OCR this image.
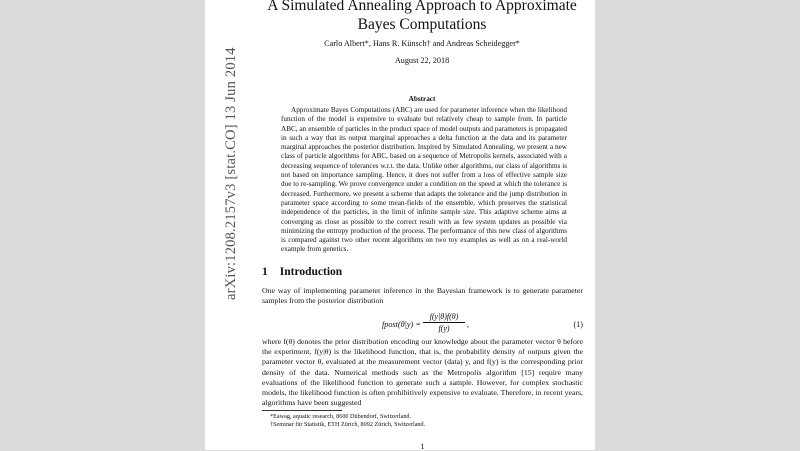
arXiv:1208.2157v3 [stat.CO] 13 Jun 2014
A Simulated Annealing Approach to Approximate Bayes Computations

Carlo Albert*, Hans R. Künsch† and Andreas Scheidegger*

August 22, 2018

Abstract

Approximate Bayes Computations (ABC) are used for parameter inference when the likelihood function of the model is expensive to evaluate but relatively cheap to sample from. In particle ABC, an ensemble of particles in the product space of model outputs and parameters is propagated in such a way that its output marginal approaches a delta function at the data and its parameter marginal approaches the posterior distribution. Inspired by Simulated Annealing, we present a new class of particle algorithms for ABC, based on a sequence of Metropolis kernels, associated with a decreasing sequence of tolerances w.r.t. the data. Unlike other algorithms, our class of algorithms is not based on importance sampling. Hence, it does not suffer from a loss of effective sample size due to re-sampling. We prove convergence under a condition on the speed at which the tolerance is decreased. Furthermore, we present a scheme that adapts the tolerance and the jump distribution in parameter space according to some mean-fields of the ensemble, which preserves the statistical independence of the particles, in the limit of infinite sample size. This adaptive scheme aims at converging as close as possible to the correct result with as few system updates as possible via minimizing the entropy production of the process. The performance of this new class of algorithms is compared against two other recent algorithms on two toy examples as well as on a real-world example from genetics.

1 Introduction

One way of implementing parameter inference in the Bayesian framework is to generate parameter samples from the posterior distribution

fpost(θ|y) = $\frac{f(y|\theta)f(\theta)}{f(y)}$ ,	(1)

where f(θ) denotes the prior distribution encoding our knowledge about the parameter vector θ before the experiment, f(y|θ) is the likelihood function, that is, the probability density of outputs given the parameter vector θ, evaluated at the measurement vector (data) y, and f(y) is the corresponding prior density of the data. Numerical methods such as the Metropolis algorithm [15] require many evaluations of the likelihood function to generate such a sample. However, for complex stochastic models, the likelihood function is often prohibitively expensive to evaluate. Therefore, in recent years, algorithms have been suggested

*Eawag, aquatic research, 8600 Dübendorf, Switzerland.

†Seminar für Statistik, ETH Zürich, 8092 Zürich, Switzerland.

1
